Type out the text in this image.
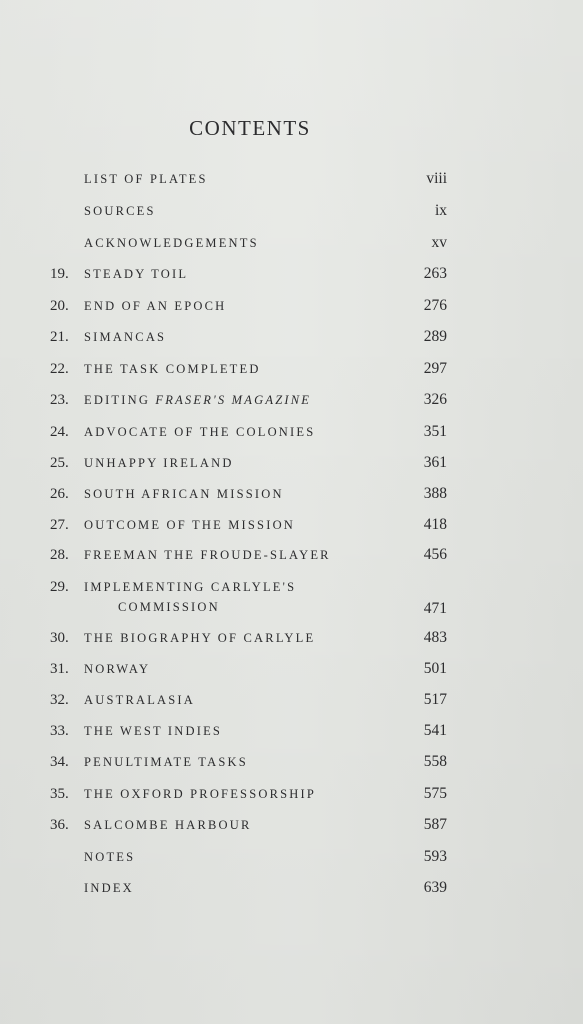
CONTENTS
LIST OF PLATES	viii
SOURCES	ix
ACKNOWLEDGEMENTS	xv
19.	STEADY TOIL	263
20.	END OF AN EPOCH	276
21.	SIMANCAS	289
22.	THE TASK COMPLETED	297
23.	EDITING FRASER'S MAGAZINE	326
24.	ADVOCATE OF THE COLONIES	351
25.	UNHAPPY IRELAND	361
26.	SOUTH AFRICAN MISSION	388
27.	OUTCOME OF THE MISSION	418
28.	FREEMAN THE FROUDE-SLAYER	456
29.	IMPLEMENTING CARLYLE'S
COMMISSION	471
30.	THE BIOGRAPHY OF CARLYLE	483
31.	NORWAY	501
32.	AUSTRALASIA	517
33.	THE WEST INDIES	541
34.	PENULTIMATE TASKS	558
35.	THE OXFORD PROFESSORSHIP	575
36.	SALCOMBE HARBOUR	587
NOTES	593
INDEX	639
